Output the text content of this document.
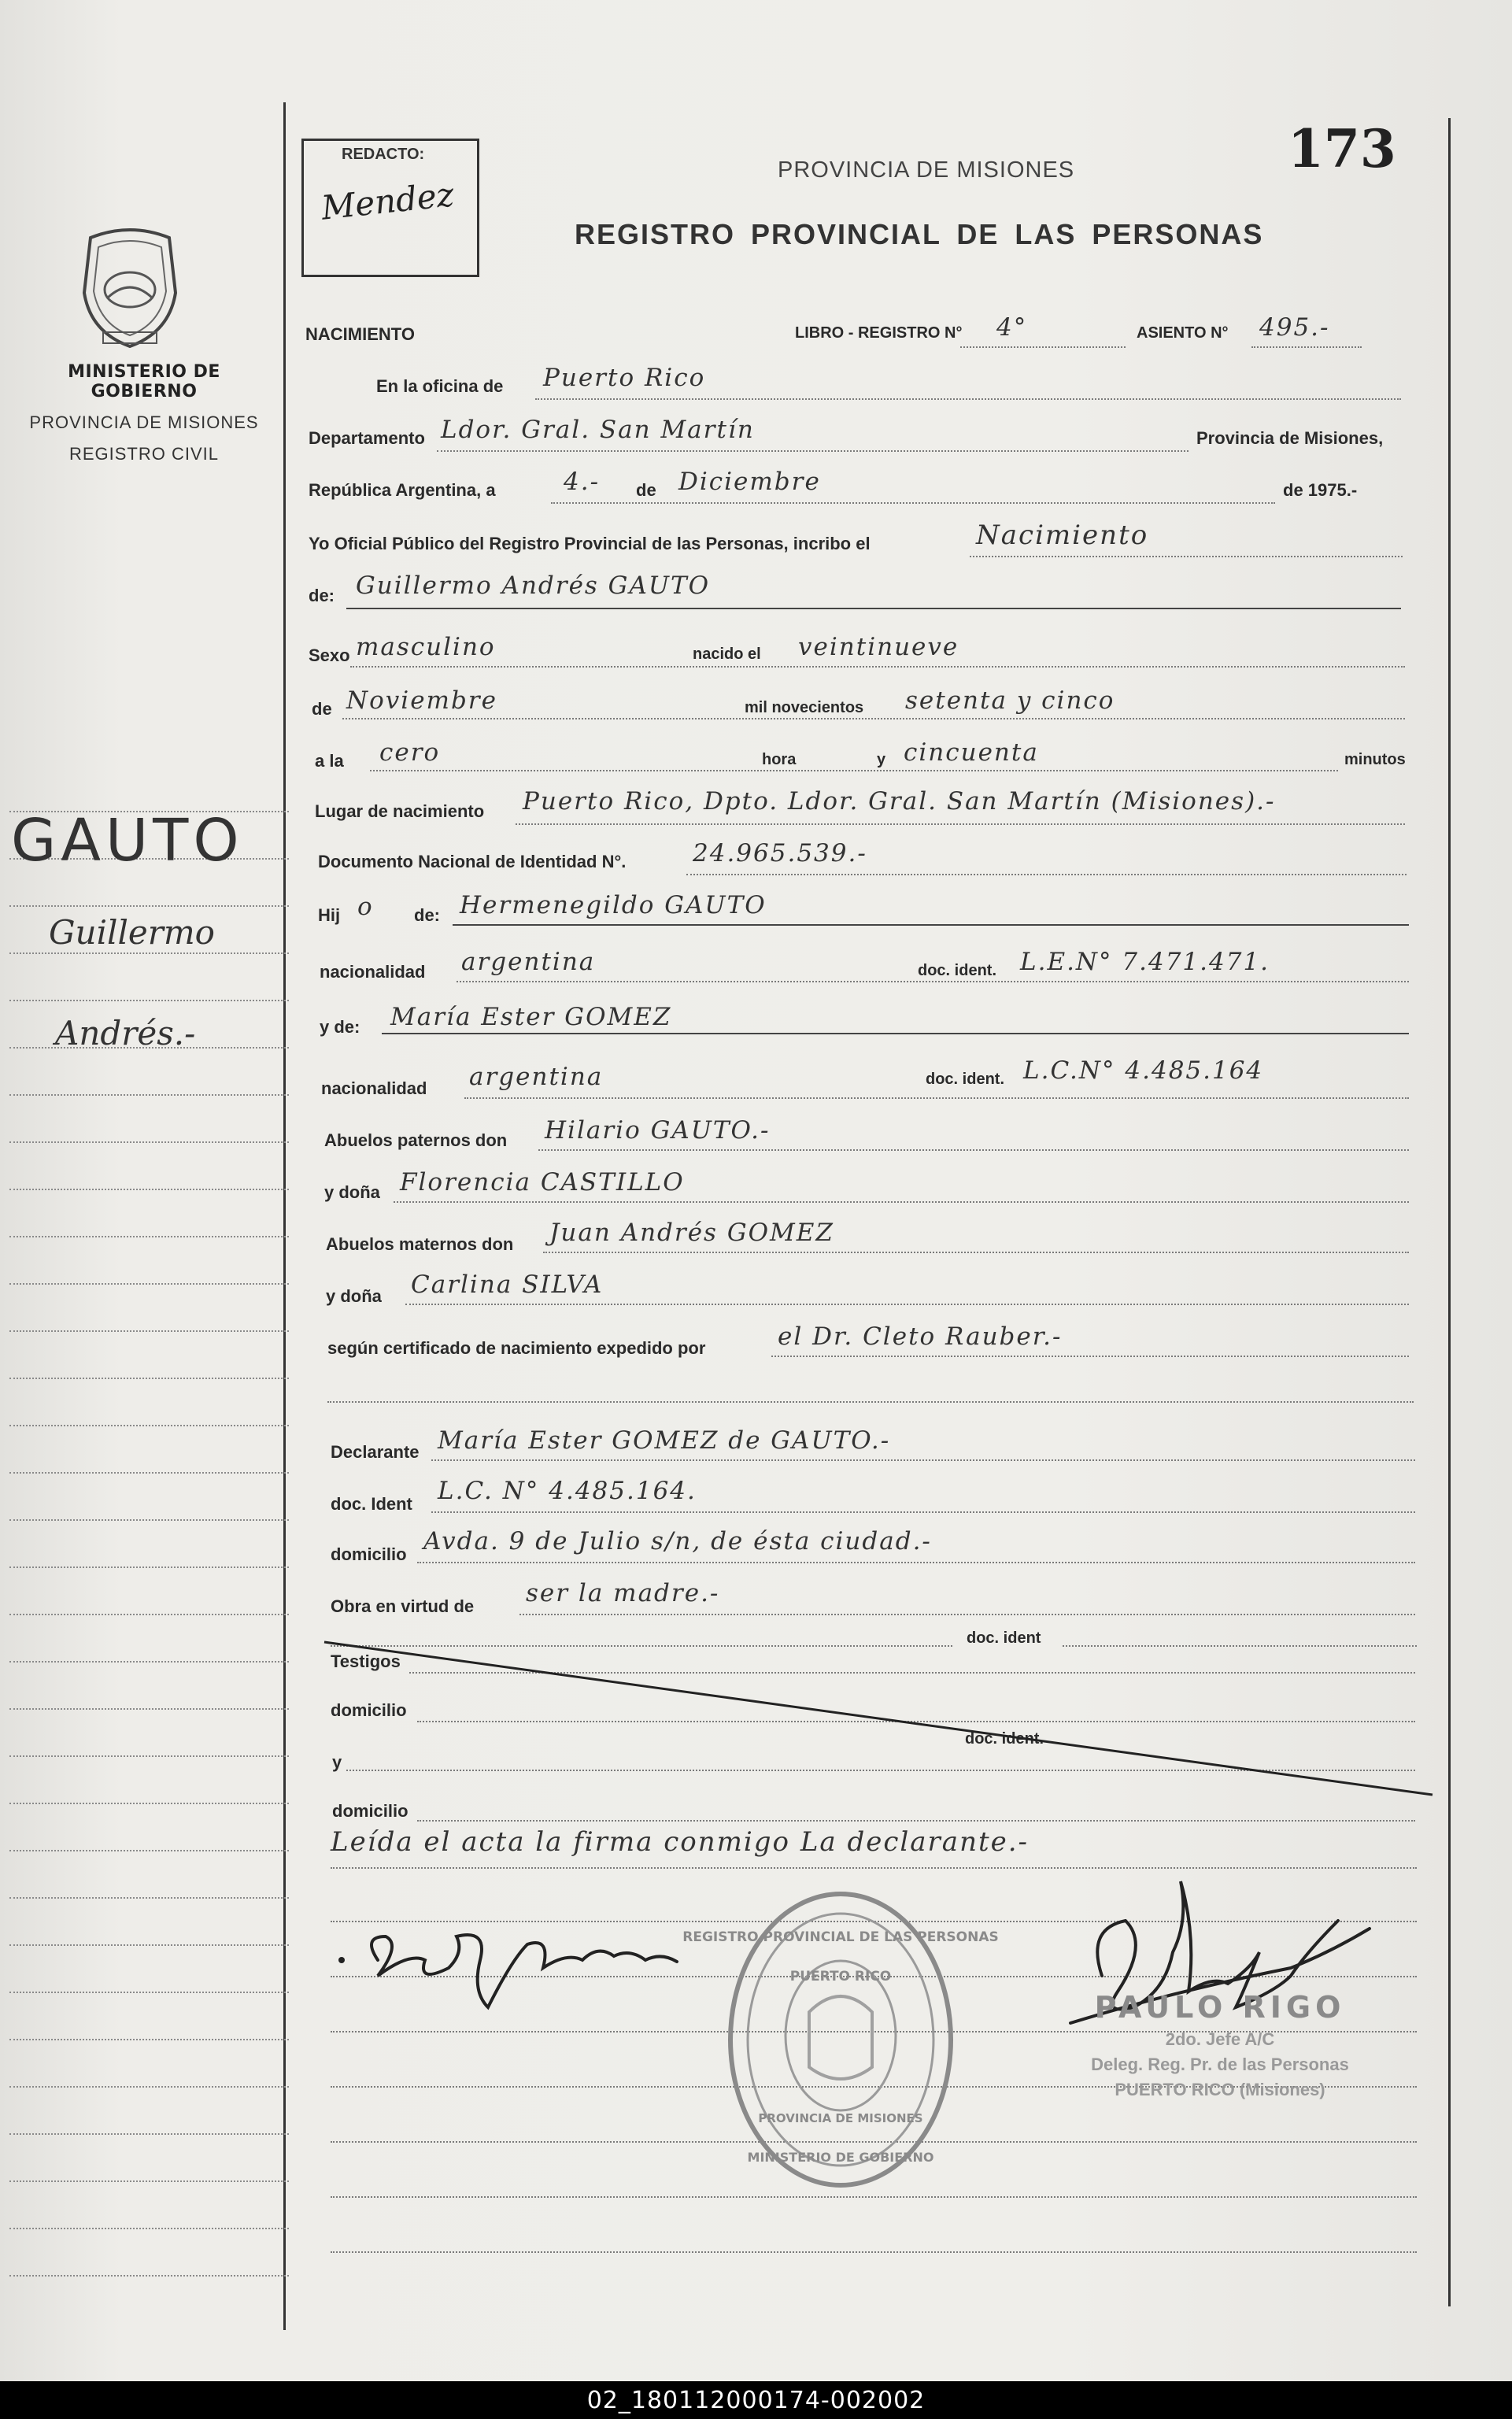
MINISTERIO DE GOBIERNO
PROVINCIA DE MISIONES
REGISTRO CIVIL
GAUTO
Guillermo
Andrés.-
REDACTO:
Mendez
PROVINCIA DE MISIONES
REGISTRO PROVINCIAL DE LAS PERSONAS
173
NACIMIENTO	LIBRO - REGISTRO N° 4°	ASIENTO N° 495.-
En la oficina de Puerto Rico
Departamento Ldor. Gral. San Martín	Provincia de Misiones,
República Argentina, a	4.- de Diciembre	de 1975.-
Yo Oficial Público del Registro Provincial de las Personas, incribo el	Nacimiento
de: Guillermo Andrés GAUTO
Sexo masculino	nacido el veintinueve
de Noviembre	mil novecientos setenta y cinco
a la cero	hora	y cincuenta	minutos
Lugar de nacimiento Puerto Rico, Dpto. Ldor. Gral. San Martín (Misiones).-
Documento Nacional de Identidad N°.	24.965.539.-
Hij o de: Hermenegildo GAUTO
nacionalidad argentina	doc. ident. L.E.N° 7.471.471.
y de: María Ester GOMEZ
nacionalidad argentina	doc. ident. L.C.N° 4.485.164
Abuelos paternos don Hilario GAUTO.-
y doña Florencia CASTILLO
Abuelos maternos don Juan Andrés GOMEZ
y doña Carlina SILVA
según certificado de nacimiento expedido por	el Dr. Cleto Rauber.-
Declarante María Ester GOMEZ de GAUTO.-
doc. Ident L.C. N° 4.485.164.
domicilio Avda. 9 de Julio s/n, de ésta ciudad.-
Obra en virtud de ser la madre.-
doc. ident
Testigos
domicilio
doc. ident.
y
domicilio
Leída el acta la firma conmigo La declarante.-
REGISTRO PROVINCIAL DE LAS PERSONAS
PUERTO RICO
PROVINCIA DE MISIONES
MINISTERIO DE GOBIERNO
PAULO RIGO
2do. Jefe A/C
Deleg. Reg. Pr. de las Personas
PUERTO RICO (Misiones)
02_180112000174-002002
